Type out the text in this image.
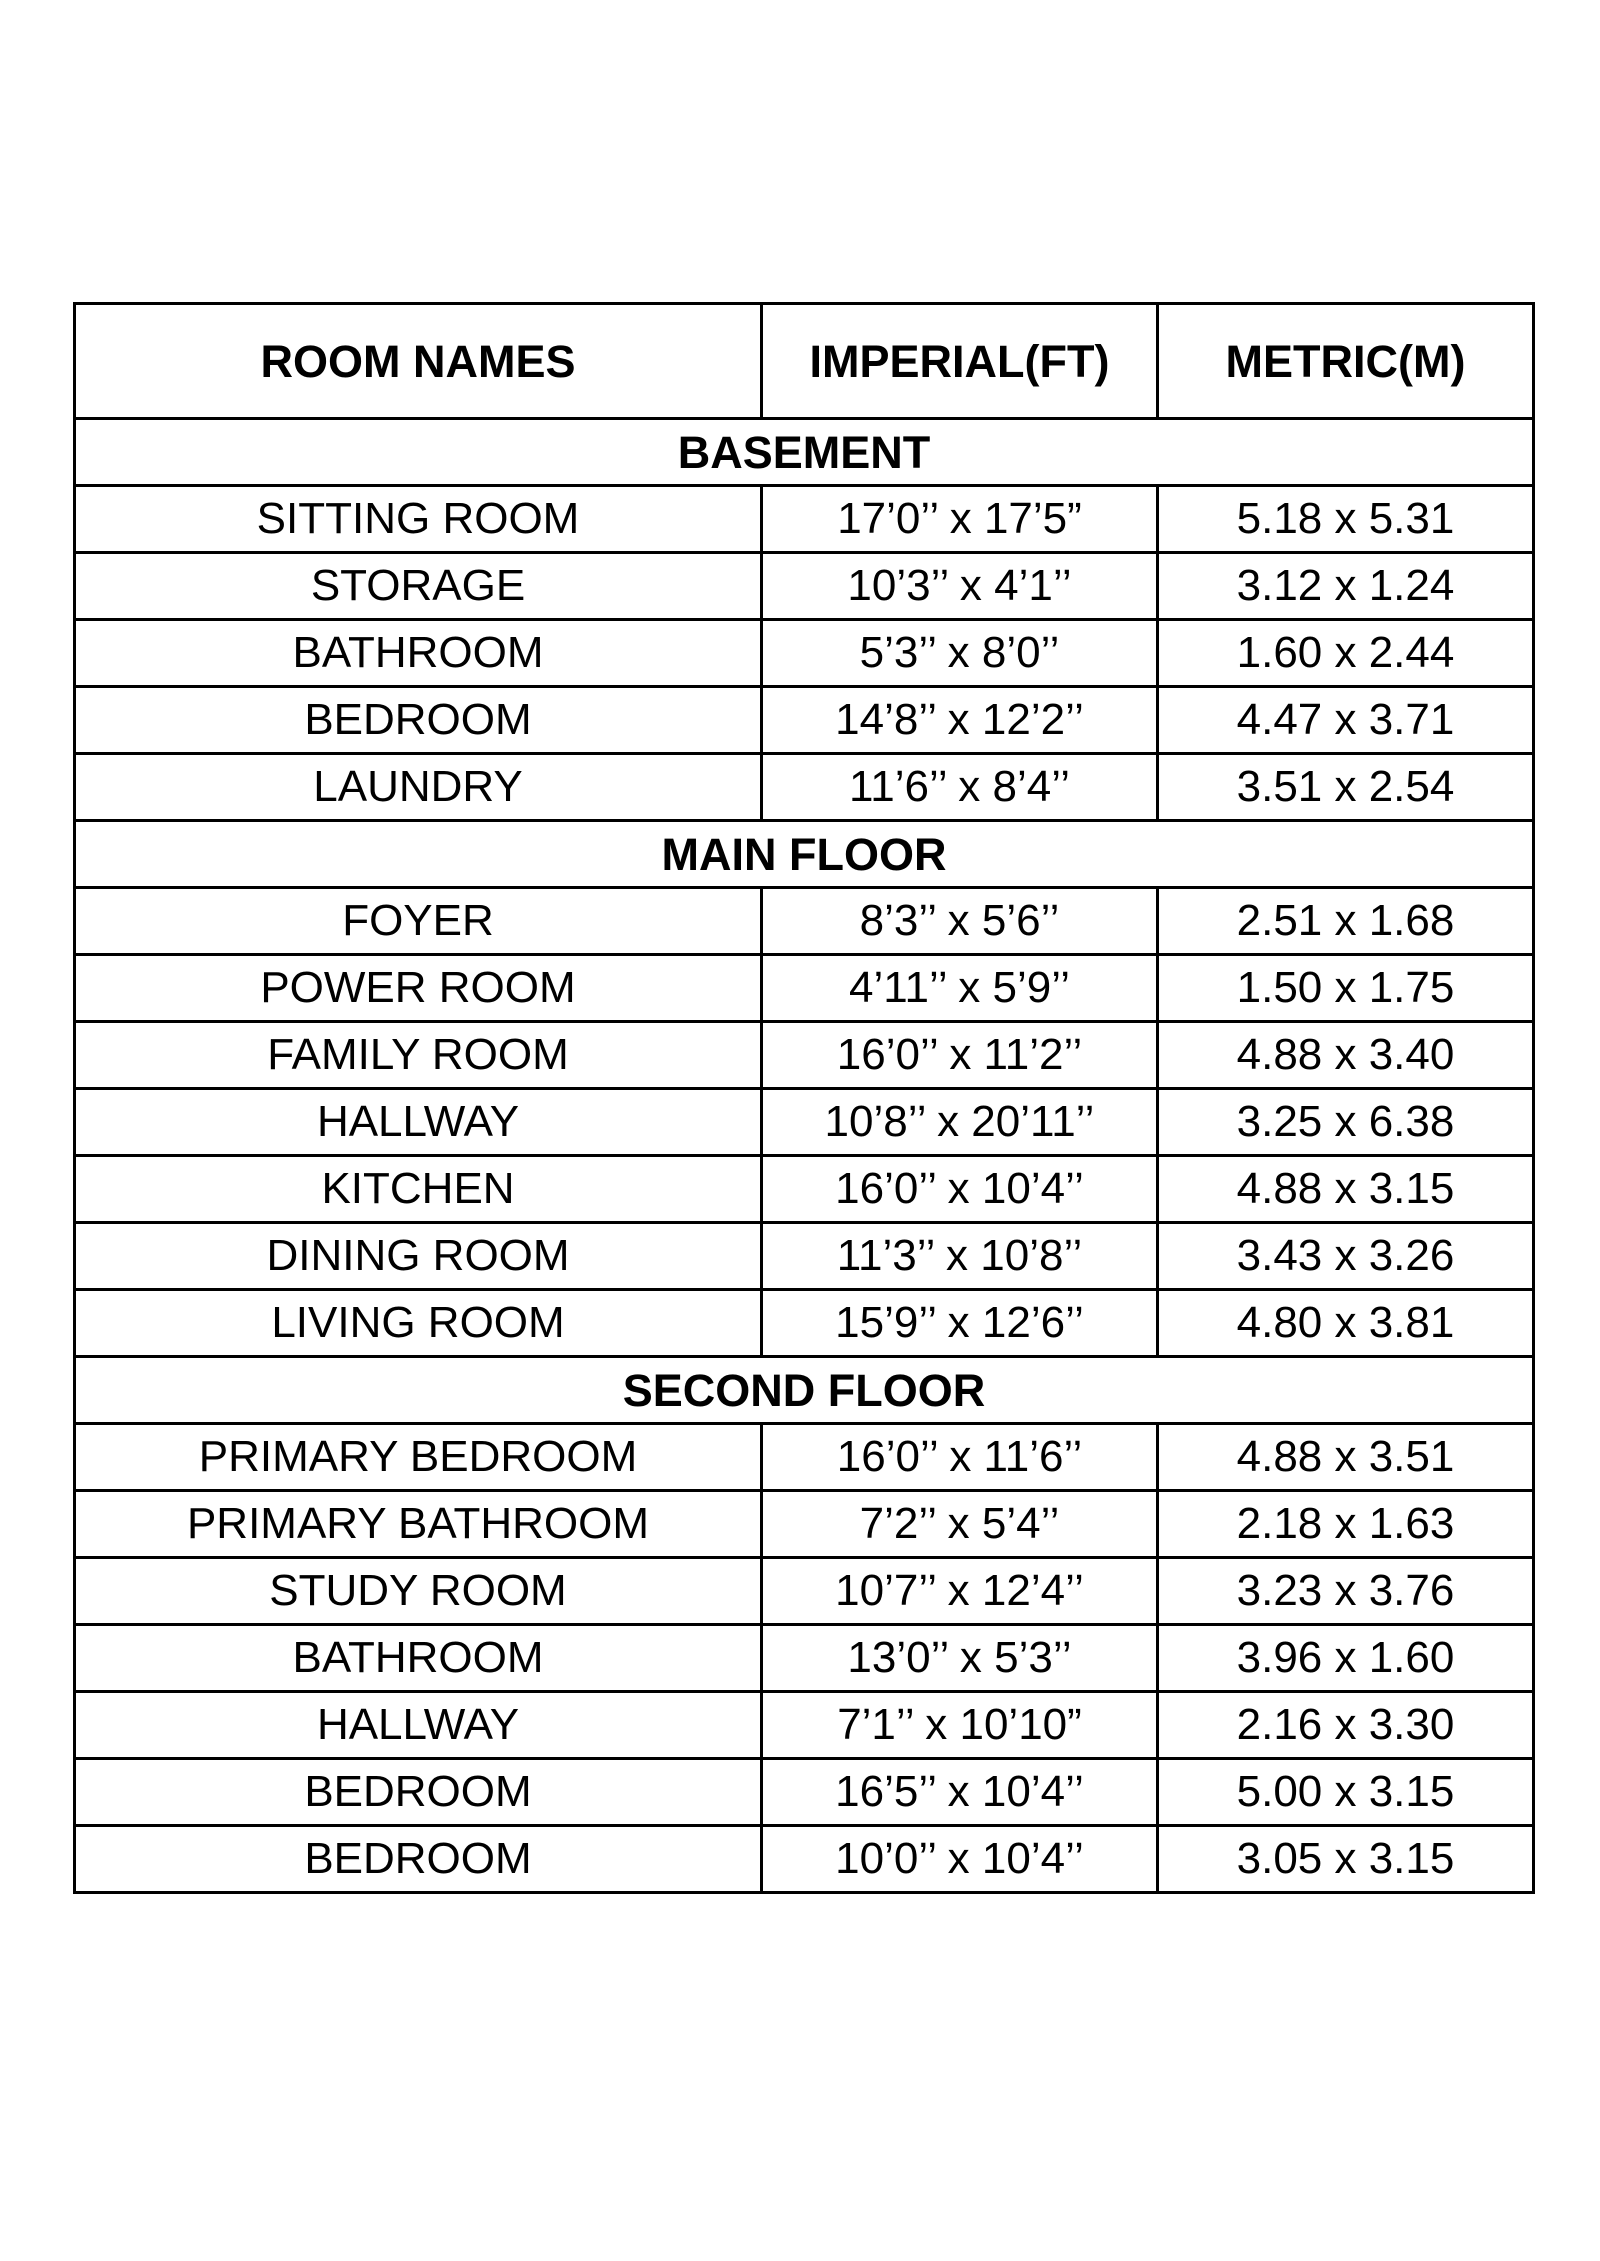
ROOM NAMES	IMPERIAL(FT)	METRIC(M)
BASEMENT		
SITTING ROOM	17’0’’ x 17’5”	5.18 x 5.31
STORAGE	10’3’’ x 4’1’’	3.12 x 1.24
BATHROOM	5’3’’ x 8’0’’	1.60 x 2.44
BEDROOM	14’8’’ x 12’2’’	4.47 x 3.71
LAUNDRY	11’6’’ x 8’4’’	3.51 x 2.54
MAIN FLOOR		
FOYER	8’3’’ x 5’6’’	2.51 x 1.68
POWER ROOM	4’11’’ x 5’9’’	1.50 x 1.75
FAMILY ROOM	16’0’’ x 11’2’’	4.88 x 3.40
HALLWAY	10’8’’ x 20’11’’	3.25 x 6.38
KITCHEN	16’0’’ x 10’4’’	4.88 x 3.15
DINING ROOM	11’3’’ x 10’8’’	3.43 x 3.26
LIVING ROOM	15’9’’ x 12’6’’	4.80 x 3.81
SECOND FLOOR		
PRIMARY BEDROOM	16’0’’ x 11’6’’	4.88 x 3.51
PRIMARY BATHROOM	7’2’’ x 5’4’’	2.18 x 1.63
STUDY ROOM	10’7’’ x 12’4’’	3.23 x 3.76
BATHROOM	13’0’’ x 5’3’’	3.96 x 1.60
HALLWAY	7’1’’ x 10’10”	2.16 x 3.30
BEDROOM	16’5’’ x 10’4’’	5.00 x 3.15
BEDROOM	10’0’’ x 10’4’’	3.05 x 3.15
